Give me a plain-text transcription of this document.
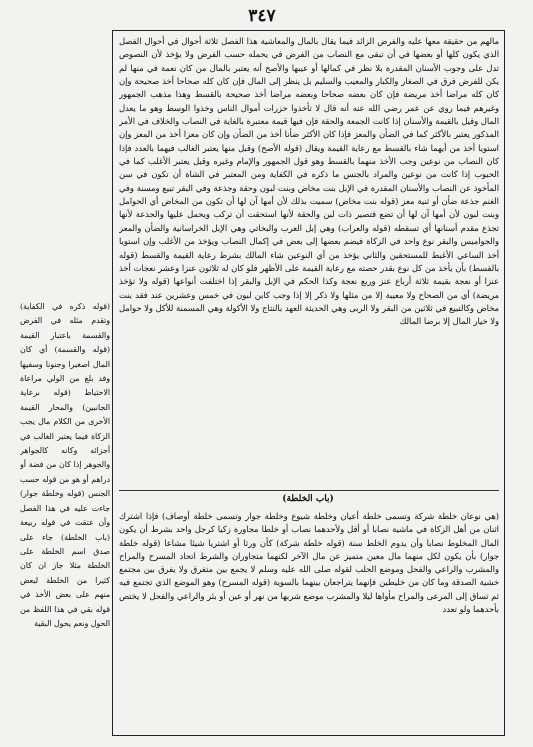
٣٤٧

(قوله ذكره في الكفاية) وتقدم مثله في الفرض والقسمة باعتبار القيمة (قوله والقسمة) أي كان المال اصغيرا وجنونا وسفيها وقد بلغ من الولي مراعاة الاحتياط (قوله برعاية الجانبين) والمحار القيمة الأخرى من الكلام مال يجب الزكاة فيما يعتبر الغالب في أجزائه وكانه كالجواهر والجوهر إذا كان من فضة أو دراهم أو هو من قوله حسب الجنس (قوله وخلطة جوار) جاءت عليه في هذا الفصل وأن عتقت في قوله ربيعة (باب الخلطة) جاء على صدق اسم الخلطة على الخلطة مثلا جاز ان كان كثيرا من الخلطة لبعض منهم على بعض الأخذ في قوله بقي في هذا اللفظ من الحول ونعم يحول البقية

مالهم من حقيقة معها عليه والفرض الزائد فيما يقال بالمال والمعاشية هذا الفصل ثلاثة أحوال في أحوال الفصل الذي يكون كلها أو بعضها في أن تبقى مع النصاب من الفرض في يحمله حسب الفرض ولا يؤخذ لأن النصوص تدل على وجوب الأسنان المقدرة بلا نظر في كمالها أو عيبها والأصح أنه يعتبر بالمال من كان نعمة في منها لم يكن للفرض فرق في الصغار والكبار والمعيب والسليم بل ينظر إلى المال فإن كان كله صحاحا أخذ صحيحة وإن كان كله مراضا أخذ مريضة فإن كان بعضه صحاحا وبعضه مراضا أخذ صحيحة بالقسط وهذا مذهب الجمهور وغيرهم فيما روي عن عمر رضي الله عنه أنه قال لا تأخذوا حزرات أموال الناس وخذوا الوسط وهو ما يعدل المال وقيل بالقيمة والأسنان إذا كانت الجمعة والحقة فإن فيها قيمة معتبرة بالغاية في النصاب والخلاف في الأمر المذكور يعتبر بالأكثر كما في الضأن والمعز فإذا كان الأكثر ضأنا أخذ من الضأن وإن كان معزا أخذ من المعز وإن استويا أخذ من أيهما شاء بالقسط مع رعاية القيمة ويقال (قوله الأصح) وقبل منها يعتبر الغالب فيهما بالعدد فإذا كان النصاب من نوعين وجب الأخذ منهما بالقسط وهو قول الجمهور والإمام وغيره وقيل يعتبر الأغلب كما في الحبوب إذا كانت من نوعين والمراد بالجنس ما ذكره في الكفاية ومن المعتبر في الشاة أن تكون في سن المأخوذ عن النصاب والأسنان المقدرة في الإبل بنت مخاض وبنت لبون وحقة وجذعة وفي البقر تبيع ومسنة وفي الغنم جذعة ضأن أو ثنية معز (قوله بنت مخاض) سميت بذلك لأن أمها آن لها أن تكون من المخاض أي الحوامل وبنت لبون لأن أمها آن لها أن تضع فتصير ذات لبن والحقة لأنها استحقت أن تركب ويحمل عليها والجذعة لأنها تجذع مقدم أسنانها أي تسقطه (قوله والعراب) وهي إبل العرب والبخاتي وهي الإبل الخراسانية والضأن والمعز والجواميس والبقر نوع واحد في الزكاة فيضم بعضها إلى بعض في إكمال النصاب ويؤخذ من الأغلب وإن استويا أخذ الساعي الأغبط للمستحقين والثاني يؤخذ من أي النوعين شاء المالك بشرط رعاية القيمة والقسط (قوله بالقسط) بأن يأخذ من كل نوع بقدر حصته مع رعاية القيمة على الأظهر فلو كان له ثلاثون عنزا وعشر نعجات أخذ عنزا أو نعجة بقيمة ثلاثة أرباع عنز وربع نعجة وكذا الحكم في الإبل والبقر إذا اختلفت أنواعها (قوله ولا تؤخذ مريضة) أي من الصحاح ولا معيبة إلا من مثلها ولا ذكر إلا إذا وجب كابن لبون في خمس وعشرين عند فقد بنت مخاض وكالتبيع في ثلاثين من البقر ولا الربى وهي الحديثة العهد بالنتاج ولا الأكولة وهي المسمنة للأكل ولا حوامل ولا خيار المال إلا برضا المالك

(باب الخلطة)

(هي نوعان خلطة شركة وتسمى خلطة أعيان وخلطة شيوع وخلطة جوار وتسمى خلطة أوصاف) فإذا اشترك اثنان من أهل الزكاة في ماشية نصابا أو أقل ولأحدهما نصاب أو خلطا مجاورة زكيا كرجل واحد بشرط أن يكون المال المخلوط نصابا وأن يدوم الخلط سنة (قوله خلطة شركة) كأن ورثا أو اشتريا شيئا مشاعا (قوله خلطة جوار) بأن يكون لكل منهما مال معين متميز عن مال الآخر لكنهما متجاوران والشرط اتحاد المسرح والمراح والمشرب والراعي والفحل وموضع الحلب لقوله صلى الله عليه وسلم لا يجمع بين متفرق ولا يفرق بين مجتمع خشية الصدقة وما كان من خليطين فإنهما يتراجعان بينهما بالسوية (قوله المسرح) وهو الموضع الذي تجتمع فيه ثم تساق إلى المرعى والمراح مأواها ليلا والمشرب موضع شربها من نهر أو عين أو بئر والراعي والفحل لا يختص بأحدهما ولو تعدد
